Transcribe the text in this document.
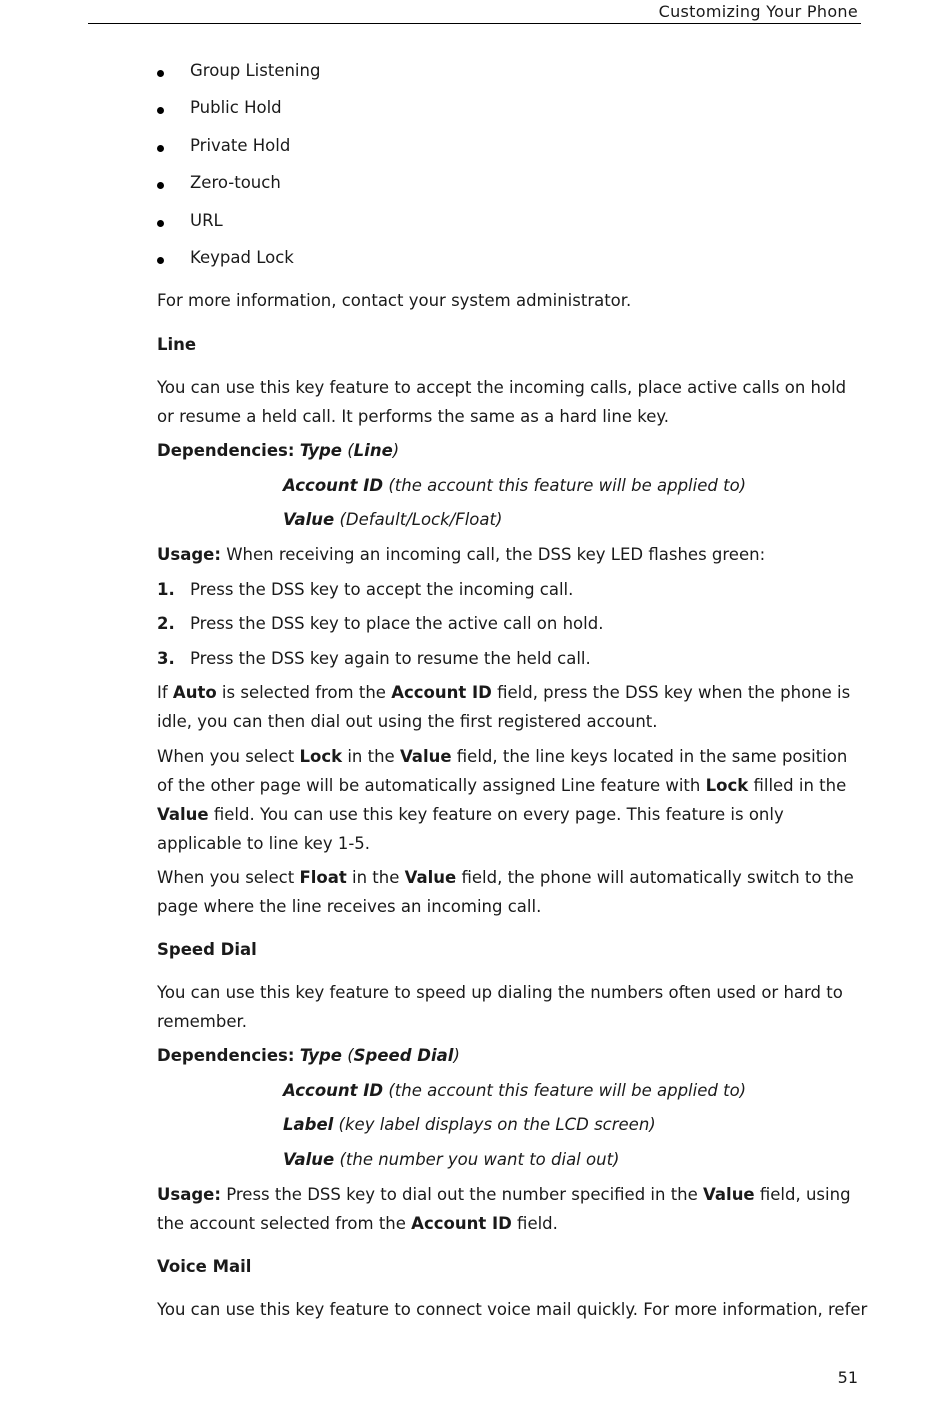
Customizing Your Phone
Group Listening
Public Hold
Private Hold
Zero-touch
URL
Keypad Lock
For more information, contact your system administrator.
Line
You can use this key feature to accept the incoming calls, place active calls on hold or resume a held call. It performs the same as a hard line key.
Dependencies: Type (Line)
Account ID (the account this feature will be applied to)
Value (Default/Lock/Float)
Usage: When receiving an incoming call, the DSS key LED flashes green:
1. Press the DSS key to accept the incoming call.
2. Press the DSS key to place the active call on hold.
3. Press the DSS key again to resume the held call.
If Auto is selected from the Account ID field, press the DSS key when the phone is idle, you can then dial out using the first registered account.
When you select Lock in the Value field, the line keys located in the same position of the other page will be automatically assigned Line feature with Lock filled in the Value field. You can use this key feature on every page. This feature is only applicable to line key 1-5.
When you select Float in the Value field, the phone will automatically switch to the page where the line receives an incoming call.
Speed Dial
You can use this key feature to speed up dialing the numbers often used or hard to remember.
Dependencies: Type (Speed Dial)
Account ID (the account this feature will be applied to)
Label (key label displays on the LCD screen)
Value (the number you want to dial out)
Usage: Press the DSS key to dial out the number specified in the Value field, using the account selected from the Account ID field.
Voice Mail
You can use this key feature to connect voice mail quickly. For more information, refer
51
